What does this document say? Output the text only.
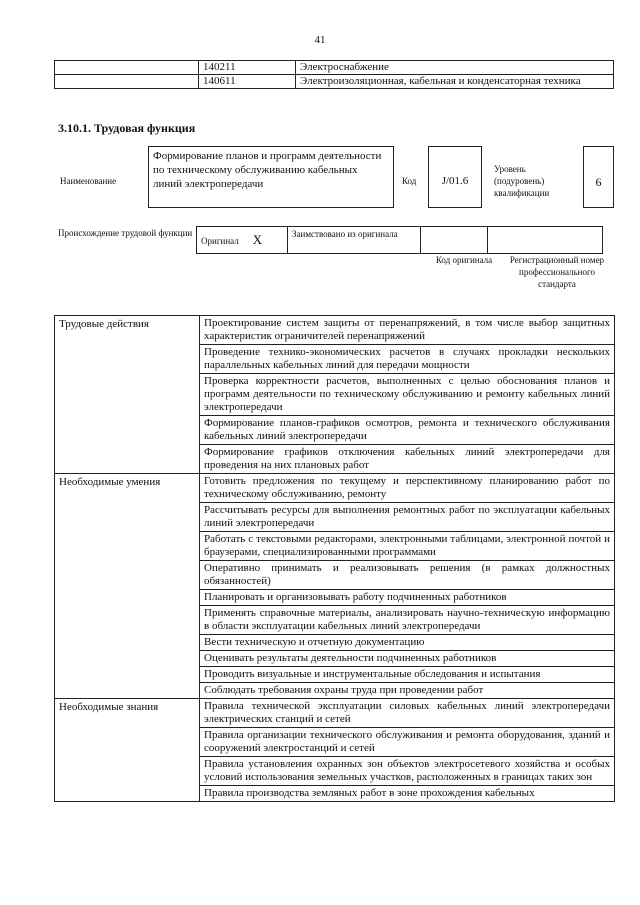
41
	140211	Электроснабжение
	140611	Электроизоляционная, кабельная и конденсаторная техника
3.10.1. Трудовая функция
Наименование
Формирование планов и программ деятельности по техническому обслуживанию кабельных линий электропередачи	Код	J/01.6
Уровень
(подуровень)
квалификации
6
Происхождение трудовой функции
Оригинал X	Заимствовано из оригинала		
Код оригинала	Регистрационный номер профессионального стандарта
Трудовые действия	Проектирование систем защиты от перенапряжений, в том числе выбор защитных характеристик ограничителей перенапряжений
	Проведение технико-экономических расчетов в случаях прокладки нескольких параллельных кабельных линий для передачи мощности
	Проверка корректности расчетов, выполненных с целью обоснования планов и программ деятельности по техническому обслуживанию и ремонту кабельных линий электропередачи
	Формирование планов-графиков осмотров, ремонта и технического обслуживания кабельных линий электропередачи
	Формирование графиков отключения кабельных линий электропередачи для проведения на них плановых работ
Необходимые умения	Готовить предложения по текущему и перспективному планированию работ по техническому обслуживанию, ремонту
	Рассчитывать ресурсы для выполнения ремонтных работ по эксплуатации кабельных линий электропередачи
	Работать с текстовыми редакторами, электронными таблицами, электронной почтой и браузерами, специализированными программами
	Оперативно принимать и реализовывать решения (в рамках должностных обязанностей)
	Планировать и организовывать работу подчиненных работников
	Применять справочные материалы, анализировать научно-техническую информацию в области эксплуатации кабельных линий электропередачи
	Вести техническую и отчетную документацию
	Оценивать результаты деятельности подчиненных работников
	Проводить визуальные и инструментальные обследования и испытания
	Соблюдать требования охраны труда при проведении работ
Необходимые знания	Правила технической эксплуатации силовых кабельных линий электропередачи электрических станций и сетей
	Правила организации технического обслуживания и ремонта оборудования, зданий и сооружений электростанций и сетей
	Правила установления охранных зон объектов электросетевого хозяйства и особых условий использования земельных участков, расположенных в границах таких зон
	Правила производства земляных работ в зоне прохождения кабельных
